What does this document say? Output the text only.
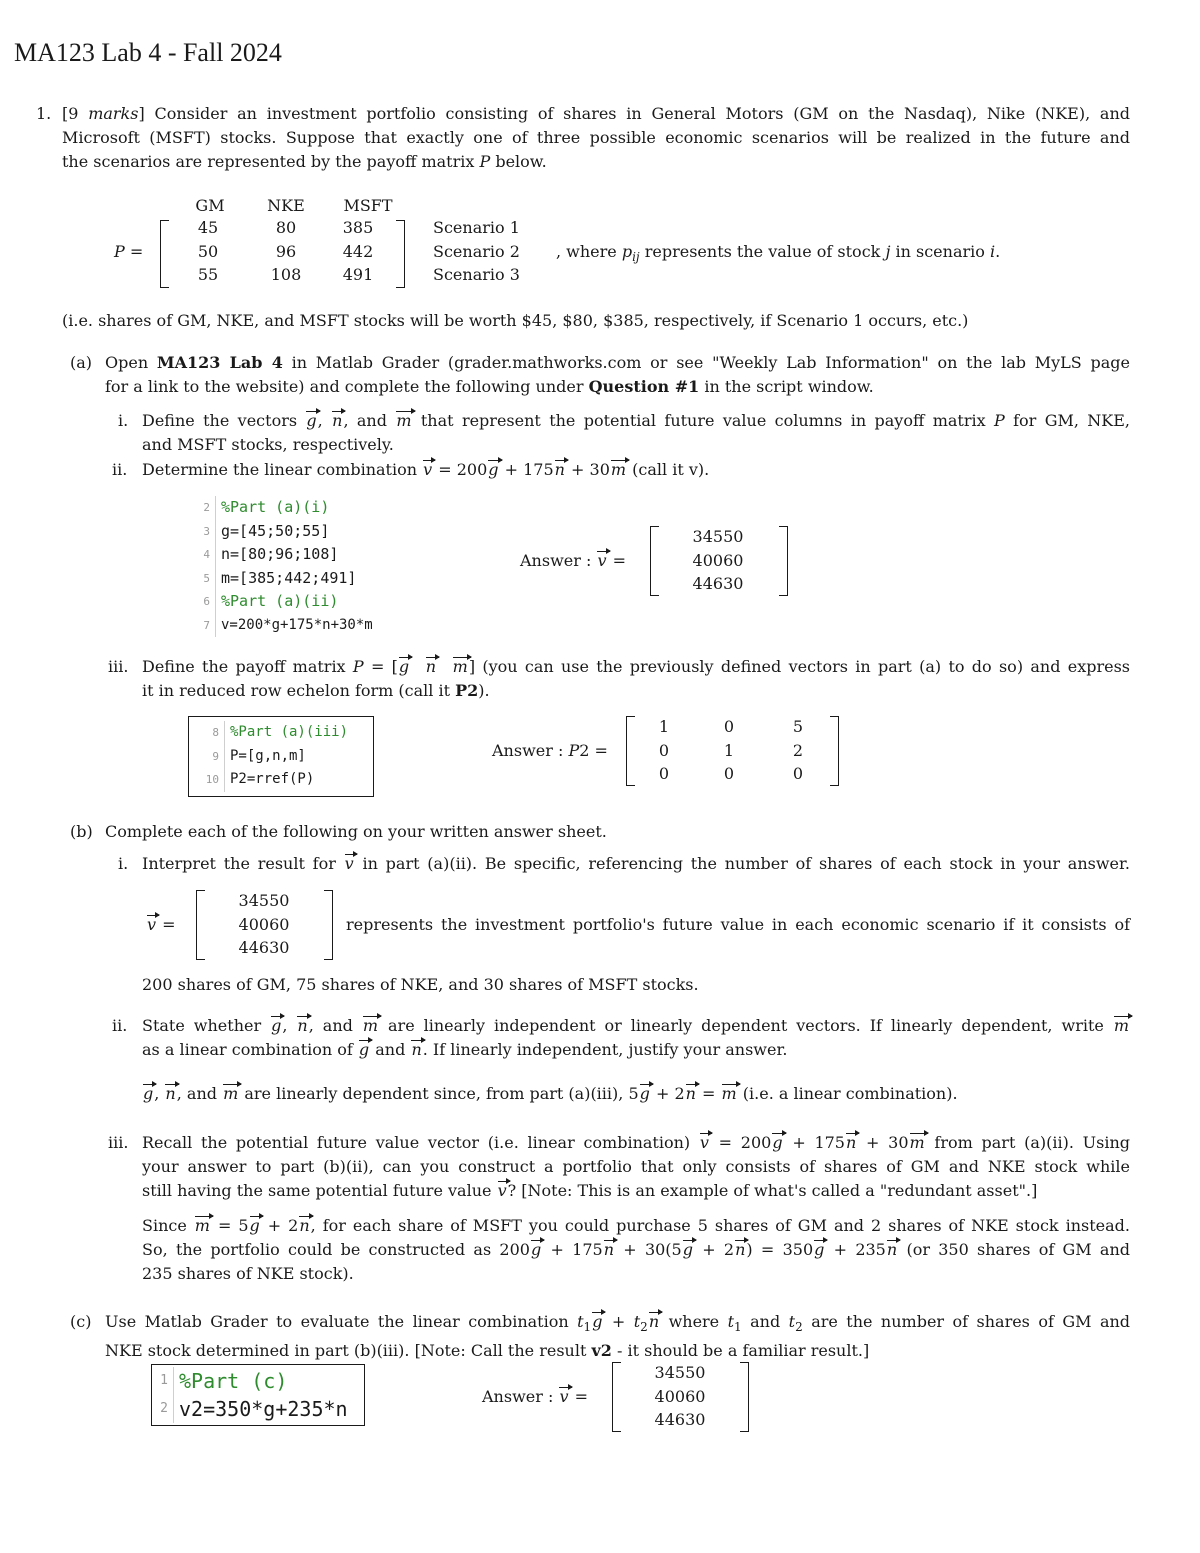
MA123 Lab 4 - Fall 2024
1. [9 marks] Consider an investment portfolio consisting of shares in General Motors (GM on the Nasdaq), Nike (NKE), and
Microsoft (MSFT) stocks. Suppose that exactly one of three possible economic scenarios will be realized in the future and
the scenarios are represented by the payoff matrix P below.
P =
GM	NKE	MSFT
45	80	385
50	96	442
55	108	491
Scenario 1
Scenario 2
Scenario 3
, where $p_{ij}$ represents the value of stock j in scenario i.
(i.e. shares of GM, NKE, and MSFT stocks will be worth $45, $80, $385, respectively, if Scenario 1 occurs, etc.)
(a) Open MA123 Lab 4 in Matlab Grader (grader.mathworks.com or see "Weekly Lab Information" on the lab MyLS page
for a link to the website) and complete the following under Question #1 in the script window.
i. Define the vectors g, n, and m that represent the potential future value columns in payoff matrix P for GM, NKE,
and MSFT stocks, respectively.
ii. Determine the linear combination v = 200g + 175n + 30m (call it v).
2 %Part (a)(i)
3 g=[45;50;55]
4 n=[80;96;108]
5 m=[385;442;491]
6 %Part (a)(ii)
7 v=200*g+175*n+30*m
Answer : v =
34550
40060
44630
iii. Define the payoff matrix P = [g n m] (you can use the previously defined vectors in part (a) to do so) and express
it in reduced row echelon form (call it P2).
8 %Part (a)(iii)
9 P=[g,n,m]
10 P2=rref(P)
Answer : P2 =
1	0	5
0	1	2
0	0	0
(b) Complete each of the following on your written answer sheet.
i. Interpret the result for v in part (a)(ii). Be specific, referencing the number of shares of each stock in your answer.
v =
34550
40060
44630
represents the investment portfolio's future value in each economic scenario if it consists of
200 shares of GM, 75 shares of NKE, and 30 shares of MSFT stocks.
ii. State whether g, n, and m are linearly independent or linearly dependent vectors. If linearly dependent, write m
as a linear combination of g and n. If linearly independent, justify your answer.
g, n, and m are linearly dependent since, from part (a)(iii), 5g + 2n = m (i.e. a linear combination).
iii. Recall the potential future value vector (i.e. linear combination) v = 200g + 175n + 30m from part (a)(ii). Using
your answer to part (b)(ii), can you construct a portfolio that only consists of shares of GM and NKE stock while
still having the same potential future value v? [Note: This is an example of what's called a "redundant asset".]
Since m = 5g + 2n, for each share of MSFT you could purchase 5 shares of GM and 2 shares of NKE stock instead.
So, the portfolio could be constructed as 200g + 175n + 30(5g + 2n) = 350g + 235n (or 350 shares of GM and
235 shares of NKE stock).
(c) Use Matlab Grader to evaluate the linear combination $t_1g + t_2n$ where $t_1$ and $t_2$ are the number of shares of GM and
NKE stock determined in part (b)(iii). [Note: Call the result v2 - it should be a familiar result.]
1 %Part (c)
2 v2=350*g+235*n
Answer : v =
34550
40060
44630
